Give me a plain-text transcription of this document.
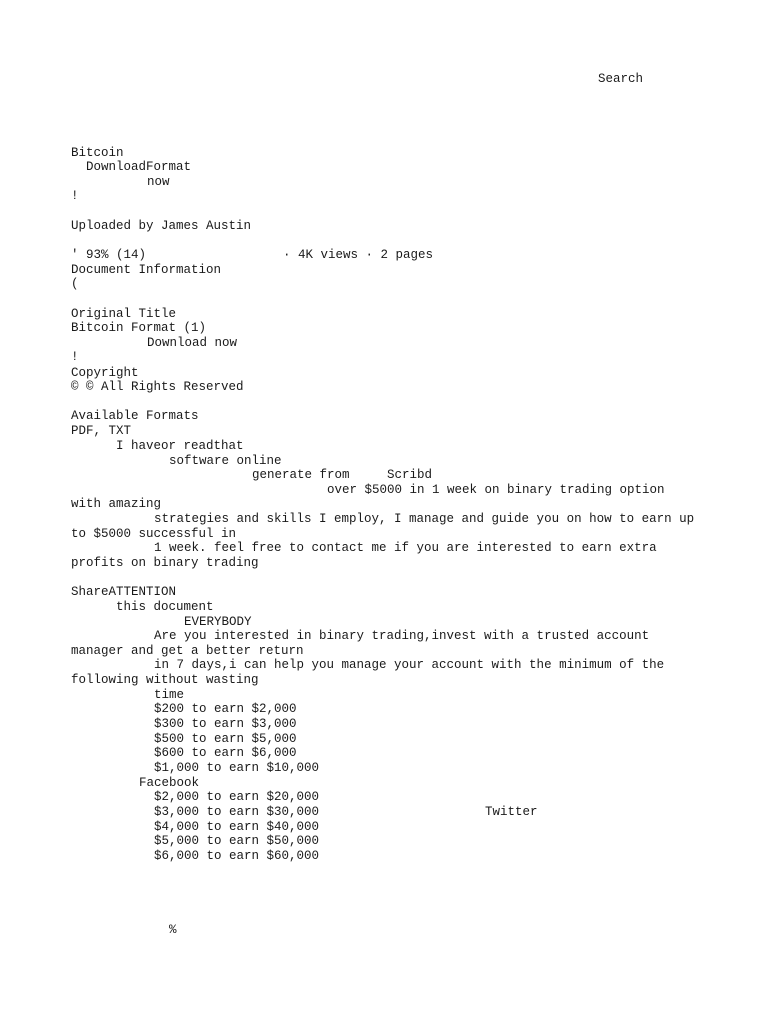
Search
Bitcoin
DownloadFormat
now
!
Uploaded by James Austin
' 93% (14)	· 4K views · 2 pages
Document Information
(
Original Title
Bitcoin Format (1)
Download now
!
Copyright
© © All Rights Reserved
Available Formats
PDF, TXT
I haveor readthat
software online
generate from	Scribd
over $5000 in 1 week on binary trading option
with amazing
strategies and skills I employ, I manage and guide you on how to earn up
to $5000 successful in
1 week. feel free to contact me if you are interested to earn extra
profits on binary trading
ShareATTENTION
this document
EVERYBODY
Are you interested in binary trading,invest with a trusted account
manager and get a better return
in 7 days,i can help you manage your account with the minimum of the
following without wasting
time
$200 to earn $2,000
$300 to earn $3,000
$500 to earn $5,000
$600 to earn $6,000
$1,000 to earn $10,000
Facebook
$2,000 to earn $20,000
$3,000 to earn $30,000	Twitter
$4,000 to earn $40,000
$5,000 to earn $50,000
$6,000 to earn $60,000
%
